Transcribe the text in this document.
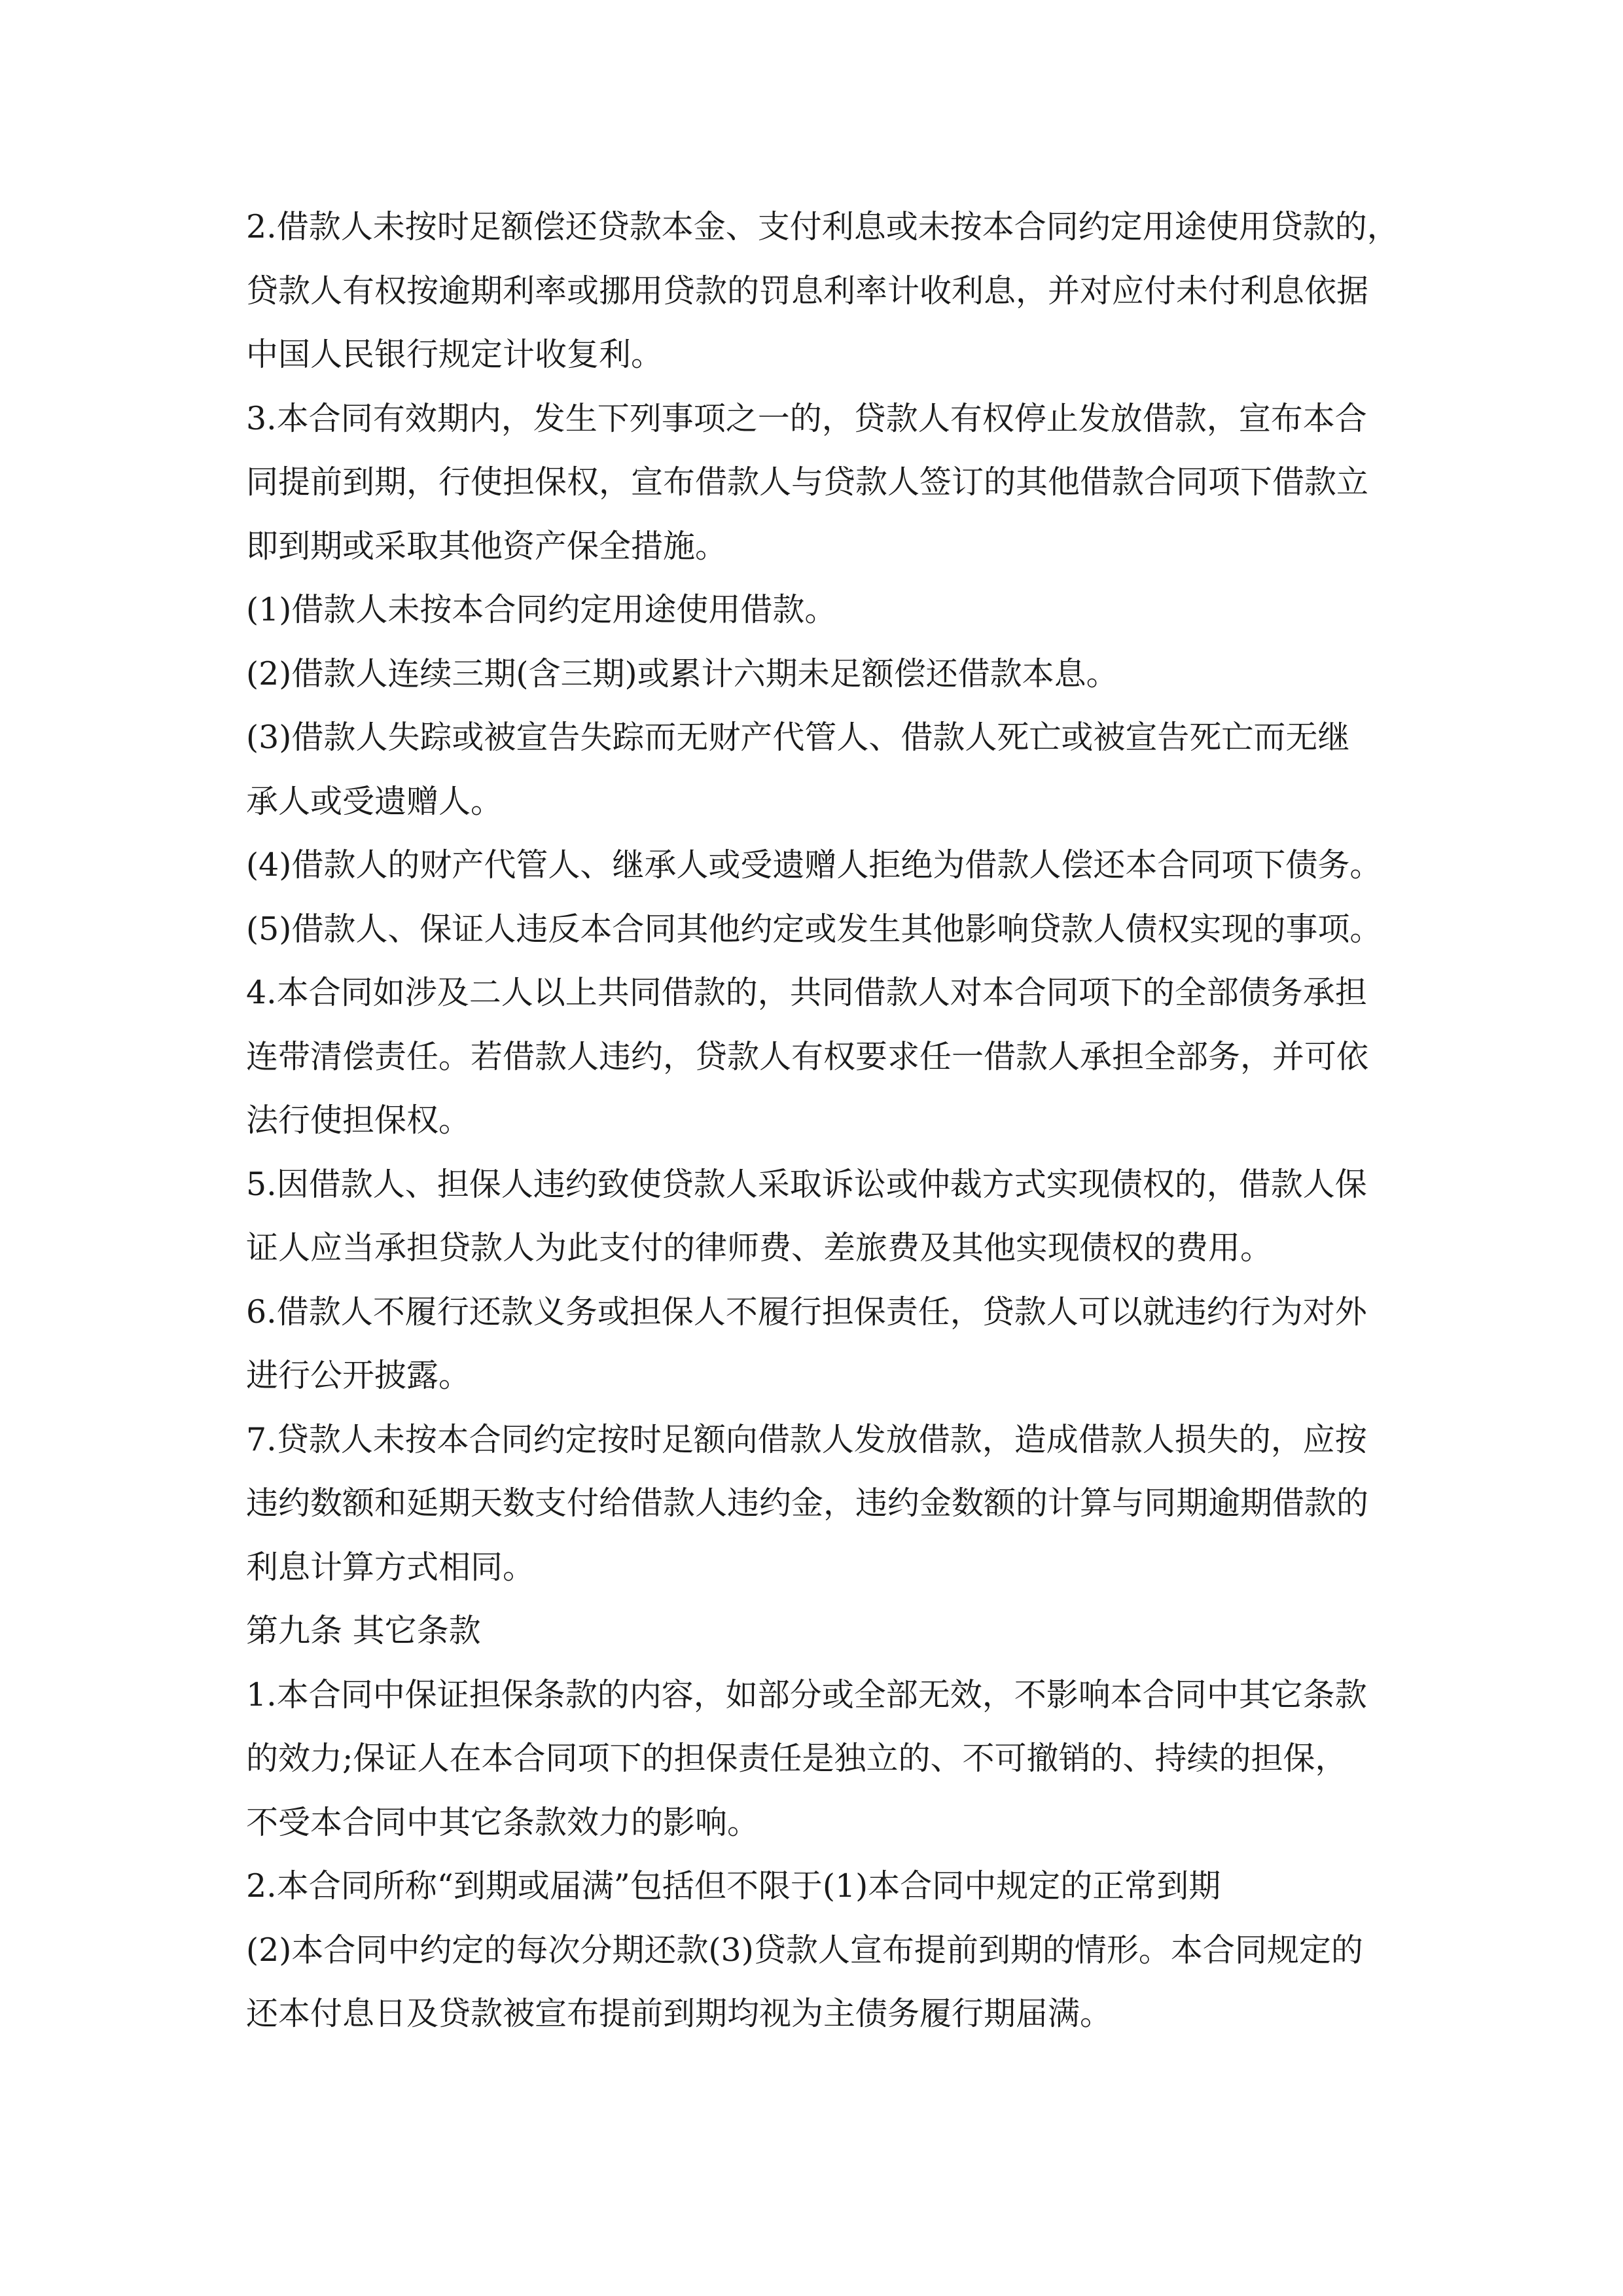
2.借款人未按时足额偿还贷款本金、支付利息或未按本合同约定用途使用贷款的，
贷款人有权按逾期利率或挪用贷款的罚息利率计收利息，并对应付未付利息依据
中国人民银行规定计收复利。
3.本合同有效期内，发生下列事项之一的，贷款人有权停止发放借款，宣布本合
同提前到期，行使担保权，宣布借款人与贷款人签订的其他借款合同项下借款立
即到期或采取其他资产保全措施。
(1)借款人未按本合同约定用途使用借款。
(2)借款人连续三期(含三期)或累计六期未足额偿还借款本息。
(3)借款人失踪或被宣告失踪而无财产代管人、借款人死亡或被宣告死亡而无继
承人或受遗赠人。
(4)借款人的财产代管人、继承人或受遗赠人拒绝为借款人偿还本合同项下债务。
(5)借款人、保证人违反本合同其他约定或发生其他影响贷款人债权实现的事项。
4.本合同如涉及二人以上共同借款的，共同借款人对本合同项下的全部债务承担
连带清偿责任。若借款人违约，贷款人有权要求任一借款人承担全部务，并可依
法行使担保权。
5.因借款人、担保人违约致使贷款人采取诉讼或仲裁方式实现债权的，借款人保
证人应当承担贷款人为此支付的律师费、差旅费及其他实现债权的费用。
6.借款人不履行还款义务或担保人不履行担保责任，贷款人可以就违约行为对外
进行公开披露。
7.贷款人未按本合同约定按时足额向借款人发放借款，造成借款人损失的，应按
违约数额和延期天数支付给借款人违约金，违约金数额的计算与同期逾期借款的
利息计算方式相同。
第九条 其它条款
1.本合同中保证担保条款的内容，如部分或全部无效，不影响本合同中其它条款
的效力;保证人在本合同项下的担保责任是独立的、不可撤销的、持续的担保，
不受本合同中其它条款效力的影响。
2.本合同所称“到期或届满”包括但不限于(1)本合同中规定的正常到期
(2)本合同中约定的每次分期还款(3)贷款人宣布提前到期的情形。本合同规定的
还本付息日及贷款被宣布提前到期均视为主债务履行期届满。
